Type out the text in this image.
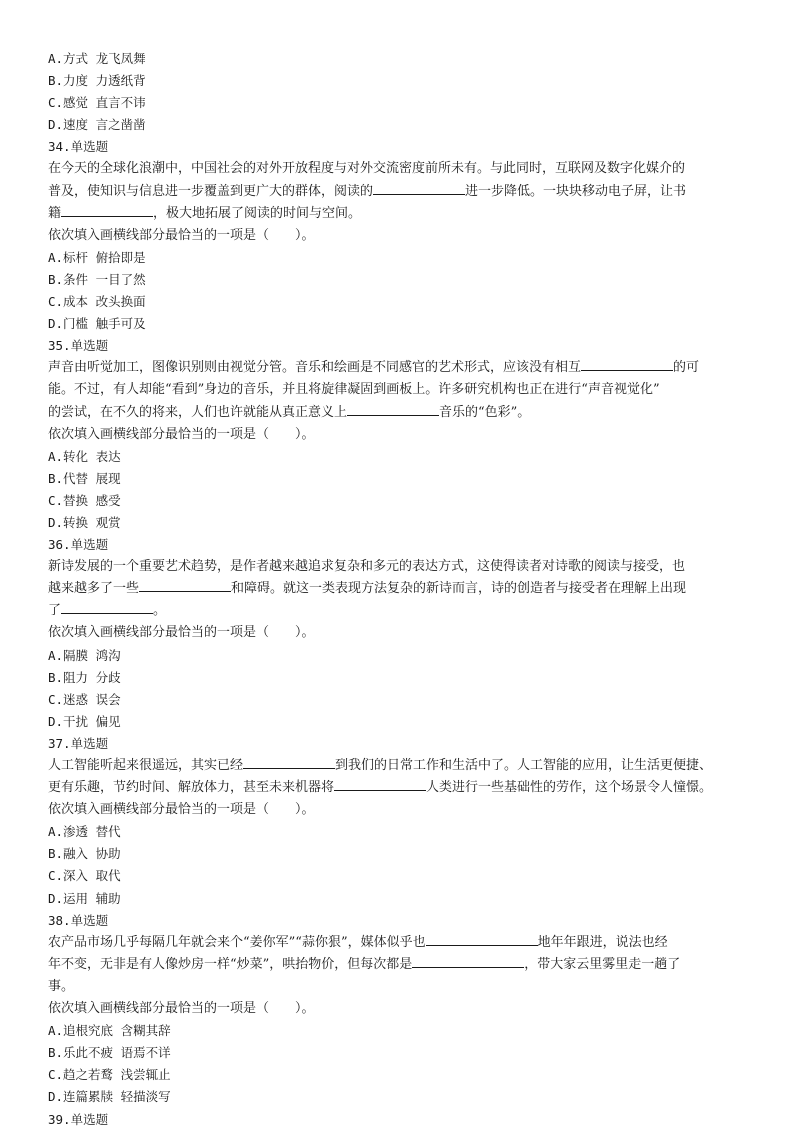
A.方式 龙飞凤舞
B.力度 力透纸背
C.感觉 直言不讳
D.速度 言之凿凿
34.单选题
在今天的全球化浪潮中，中国社会的对外开放程度与对外交流密度前所未有。与此同时，互联网及数字化媒介的
普及，使知识与信息进一步覆盖到更广大的群体，阅读的	进一步降低。一块块移动电子屏，让书
籍	，极大地拓展了阅读的时间与空间。
依次填入画横线部分最恰当的一项是（　　）。
A.标杆 俯拾即是
B.条件 一目了然
C.成本 改头换面
D.门槛 触手可及
35.单选题
声音由听觉加工，图像识别则由视觉分管。音乐和绘画是不同感官的艺术形式，应该没有相互	的可
能。不过，有人却能“看到”身边的音乐，并且将旋律凝固到画板上。许多研究机构也正在进行“声音视觉化”
的尝试，在不久的将来，人们也许就能从真正意义上	音乐的“色彩”。
依次填入画横线部分最恰当的一项是（　　）。
A.转化 表达
B.代替 展现
C.替换 感受
D.转换 观赏
36.单选题
新诗发展的一个重要艺术趋势，是作者越来越追求复杂和多元的表达方式，这使得读者对诗歌的阅读与接受，也
越来越多了一些	和障碍。就这一类表现方法复杂的新诗而言，诗的创造者与接受者在理解上出现
了	。
依次填入画横线部分最恰当的一项是（　　）。
A.隔膜 鸿沟
B.阻力 分歧
C.迷惑 误会
D.干扰 偏见
37.单选题
人工智能听起来很遥远，其实已经	到我们的日常工作和生活中了。人工智能的应用，让生活更便捷、
更有乐趣，节约时间、解放体力，甚至未来机器将	人类进行一些基础性的劳作，这个场景令人憧憬。
依次填入画横线部分最恰当的一项是（　　）。
A.渗透 替代
B.融入 协助
C.深入 取代
D.运用 辅助
38.单选题
农产品市场几乎每隔几年就会来个“姜你军”“蒜你狠”，媒体似乎也	地年年跟进，说法也经
年不变，无非是有人像炒房一样“炒菜”，哄抬物价，但每次都是	，带大家云里雾里走一趟了
事。
依次填入画横线部分最恰当的一项是（　　）。
A.追根究底 含糊其辞
B.乐此不疲 语焉不详
C.趋之若鹜 浅尝辄止
D.连篇累牍 轻描淡写
39.单选题
